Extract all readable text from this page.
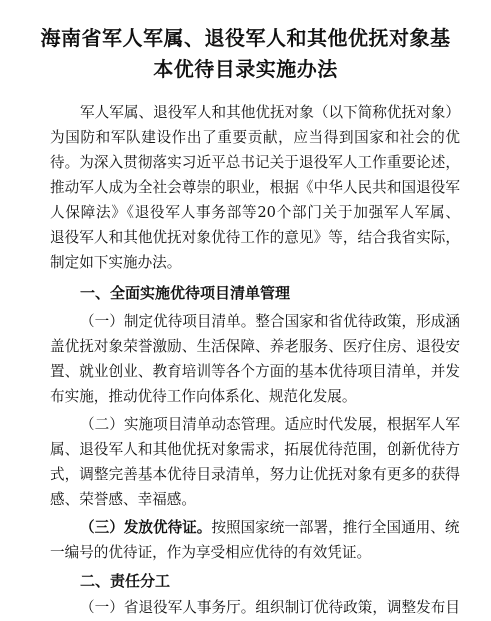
海南省军人军属、退役军人和其他优抚对象基
本优待目录实施办法
军人军属、退役军人和其他优抚对象（以下简称优抚对象）
为国防和军队建设作出了重要贡献，应当得到国家和社会的优
待。为深入贯彻落实习近平总书记关于退役军人工作重要论述，
推动军人成为全社会尊崇的职业，根据《中华人民共和国退役军
人保障法》《退役军人事务部等20个部门关于加强军人军属、
退役军人和其他优抚对象优待工作的意见》等，结合我省实际，
制定如下实施办法。
一、全面实施优待项目清单管理
（一）制定优待项目清单。整合国家和省优待政策，形成涵
盖优抚对象荣誉激励、生活保障、养老服务、医疗住房、退役安
置、就业创业、教育培训等各个方面的基本优待项目清单，并发
布实施，推动优待工作向体系化、规范化发展。
（二）实施项目清单动态管理。适应时代发展，根据军人军
属、退役军人和其他优抚对象需求，拓展优待范围，创新优待方
式，调整完善基本优待目录清单，努力让优抚对象有更多的获得
感、荣誉感、幸福感。
（三）发放优待证。按照国家统一部署，推行全国通用、统
一编号的优待证，作为享受相应优待的有效凭证。
二、责任分工
（一）省退役军人事务厅。组织制订优待政策，调整发布目
